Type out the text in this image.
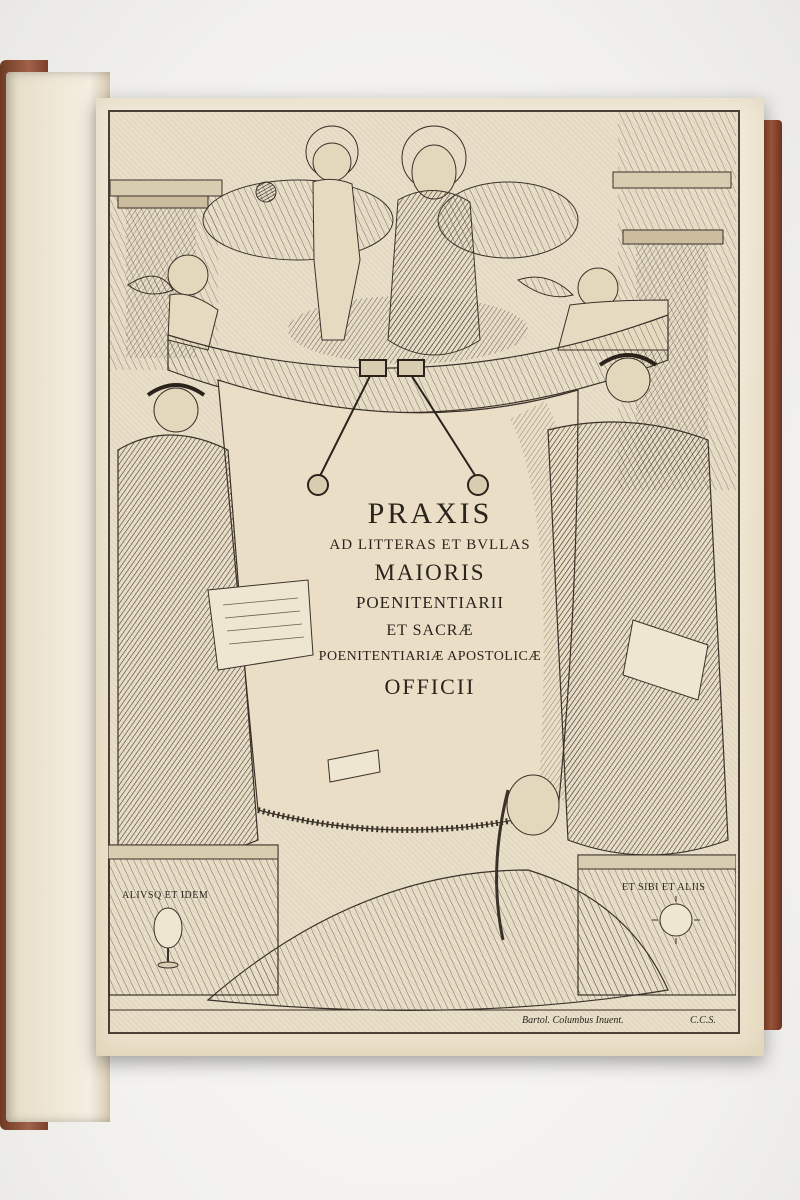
PRAXIS
AD LITTERAS ET BVLLAS
MAIORIS
POENITENTIARII
ET SACRÆ
POENITENTIARIÆ APOSTOLICÆ
OFFICII
ALIVSQ ET IDEM
ET SIBI ET ALIIS
Bartol. Columbus Inuent.	C.C.S.
